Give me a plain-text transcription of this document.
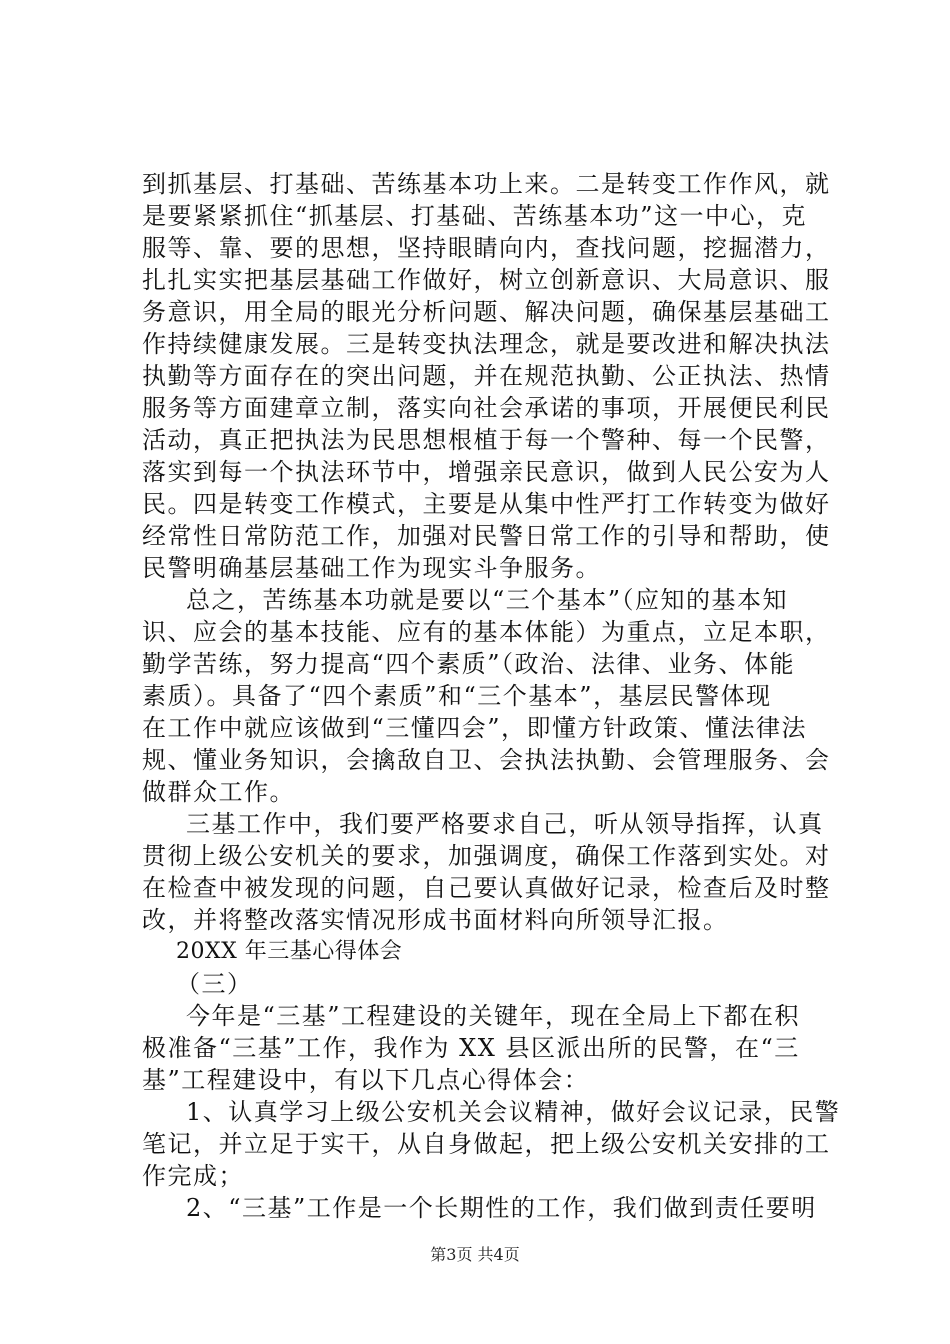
到抓基层、打基础、苦练基本功上来。二是转变工作作风，就
是要紧紧抓住“抓基层、打基础、苦练基本功”这一中心，克
服等、靠、要的思想，坚持眼睛向内，查找问题，挖掘潜力，
扎扎实实把基层基础工作做好，树立创新意识、大局意识、服
务意识，用全局的眼光分析问题、解决问题，确保基层基础工
作持续健康发展。三是转变执法理念，就是要改进和解决执法
执勤等方面存在的突出问题，并在规范执勤、公正执法、热情
服务等方面建章立制，落实向社会承诺的事项，开展便民利民
活动，真正把执法为民思想根植于每一个警种、每一个民警，
落实到每一个执法环节中，增强亲民意识，做到人民公安为人
民。四是转变工作模式，主要是从集中性严打工作转变为做好
经常性日常防范工作，加强对民警日常工作的引导和帮助，使
民警明确基层基础工作为现实斗争服务。
总之，苦练基本功就是要以“三个基本”（应知的基本知
识、应会的基本技能、应有的基本体能）为重点，立足本职，
勤学苦练，努力提高“四个素质”（政治、法律、业务、体能
素质）。具备了“四个素质”和“三个基本”，基层民警体现
在工作中就应该做到“三懂四会”，即懂方针政策、懂法律法
规、懂业务知识，会擒敌自卫、会执法执勤、会管理服务、会
做群众工作。
三基工作中，我们要严格要求自己，听从领导指挥，认真
贯彻上级公安机关的要求，加强调度，确保工作落到实处。对
在检查中被发现的问题，自己要认真做好记录，检查后及时整
改，并将整改落实情况形成书面材料向所领导汇报。
20XX 年三基心得体会
（三）
今年是“三基”工程建设的关键年，现在全局上下都在积
极准备“三基”工作，我作为 XX 县区派出所的民警，在“三
基”工程建设中，有以下几点心得体会：
第3页 共4页
1、认真学习上级公安机关会议精神，做好会议记录，民警
笔记，并立足于实干，从自身做起，把上级公安机关安排的工
作完成；
2、“三基”工作是一个长期性的工作，我们做到责任要明
